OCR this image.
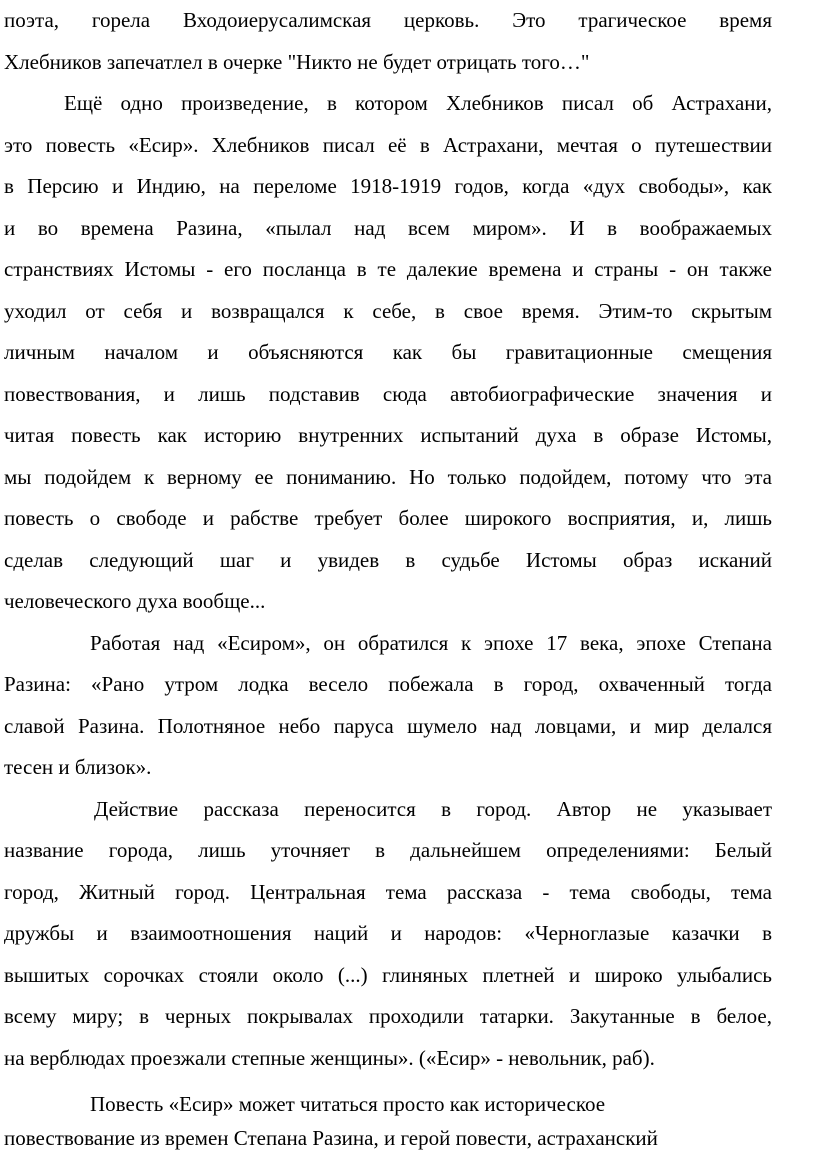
поэта, горела Входоиерусалимская церковь. Это трагическое время
Хлебников запечатлел в очерке "Никто не будет отрицать того…"
Ещё одно произведение, в котором Хлебников писал об Астрахани,
это повесть «Есир». Хлебников писал её в Астрахани, мечтая о путешествии
в Персию и Индию, на переломе 1918-1919 годов, когда «дух свободы», как
и во времена Разина, «пылал над всем миром». И в воображаемых
странствиях Истомы - его посланца в те далекие времена и страны - он также
уходил от себя и возвращался к себе, в свое время. Этим-то скрытым
личным началом и объясняются как бы гравитационные смещения
повествования, и лишь подставив сюда автобиографические значения и
читая повесть как историю внутренних испытаний духа в образе Истомы,
мы подойдем к верному ее пониманию. Но только подойдем, потому что эта
повесть о свободе и рабстве требует более широкого восприятия, и, лишь
сделав следующий шаг и увидев в судьбе Истомы образ исканий
человеческого духа вообще...
Работая над «Есиром», он обратился к эпохе 17 века, эпохе Степана
Разина: «Рано утром лодка весело побежала в город, охваченный тогда
славой Разина. Полотняное небо паруса шумело над ловцами, и мир делался
тесен и близок».
Действие рассказа переносится в город. Автор не указывает
название города, лишь уточняет в дальнейшем определениями: Белый
город, Житный город. Центральная тема рассказа - тема свободы, тема
дружбы и взаимоотношения наций и народов: «Черноглазые казачки в
вышитых сорочках стояли около (...) глиняных плетней и широко улыбались
всему миру; в черных покрывалах проходили татарки. Закутанные в белое,
на верблюдах проезжали степные женщины». («Есир» - невольник, раб).
Повесть «Есир» может читаться просто как историческое
повествование из времен Степана Разина, и герой повести, астраханский
